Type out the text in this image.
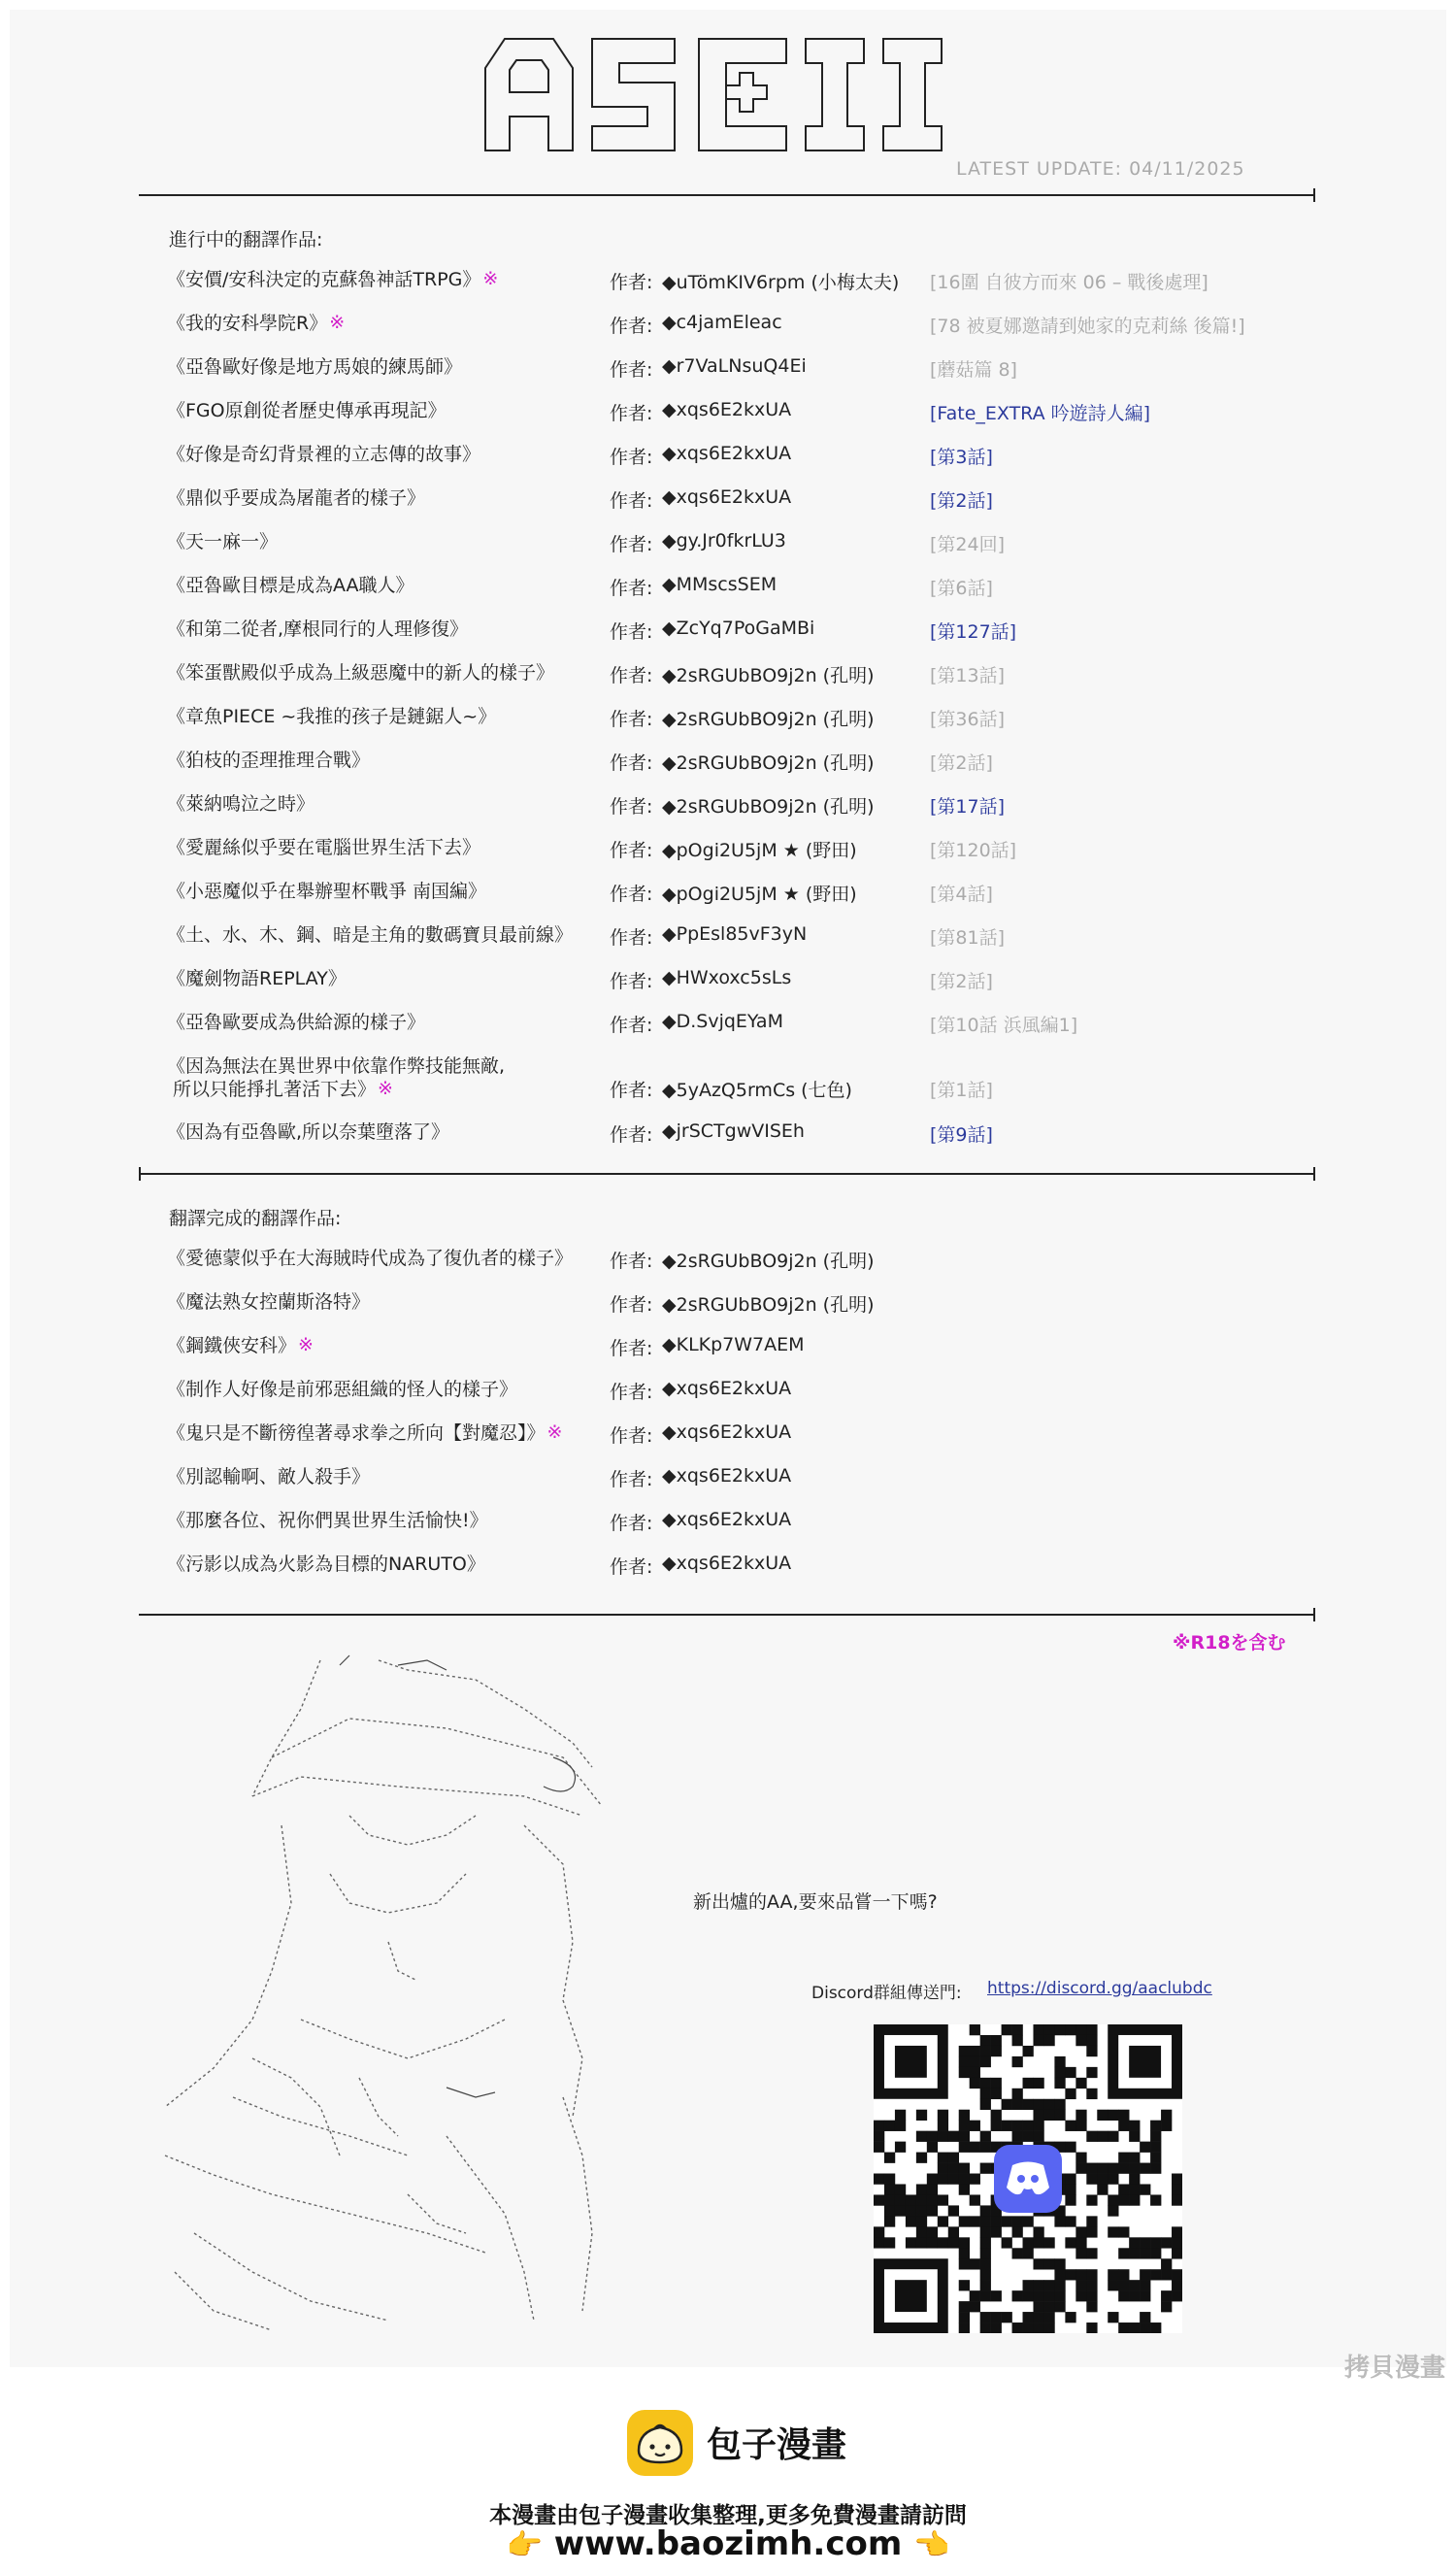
LATEST UPDATE: 04/11/2025
進行中的翻譯作品:
《安價/安科決定的克蘇魯神話TRPG》 ※	作者: ◆uTömKIV6rpm (小梅太夫) [16圍 自彼方而來 06 – 戰後處理]
《我的安科學院R》 ※	作者: ◆c4jamEleac	[78 被夏娜邀請到她家的克莉絲 後篇!]
《亞魯歐好像是地方馬娘的練馬師》	作者: ◆r7VaLNsuQ4Ei	[蘑菇篇 8]
《FGO原創從者歷史傳承再現記》	作者: ◆xqs6E2kxUA	[Fate_EXTRA 吟遊詩人編]
《好像是奇幻背景裡的立志傳的故事》	作者: ◆xqs6E2kxUA	[第3話]
《鼎似乎要成為屠龍者的樣子》	作者: ◆xqs6E2kxUA	[第2話]
《天一麻一》	作者: ◆gy.Jr0fkrLU3	[第24回]
《亞魯歐目標是成為AA職人》	作者: ◆MMscsSEM	[第6話]
《和第二從者,摩根同行的人理修復》	作者: ◆ZcYq7PoGaMBi	[第127話]
《笨蛋獸殿似乎成為上級惡魔中的新人的樣子》	作者: ◆2sRGUbBO9j2n (孔明)	[第13話]
《章魚PIECE ~我推的孩子是鏈鋸人~》	作者: ◆2sRGUbBO9j2n (孔明)	[第36話]
《狛枝的歪理推理合戰》	作者: ◆2sRGUbBO9j2n (孔明)	[第2話]
《萊納鳴泣之時》	作者: ◆2sRGUbBO9j2n (孔明)	[第17話]
《愛麗絲似乎要在電腦世界生活下去》	作者: ◆pOgi2U5jM ★ (野田)	[第120話]
《小惡魔似乎在舉辦聖杯戰爭 南国編》	作者: ◆pOgi2U5jM ★ (野田)	[第4話]
《土、水、木、鋼、暗是主角的數碼寶貝最前線》 作者: ◆PpEsl85vF3yN	[第81話]
《魔劍物語REPLAY》	作者: ◆HWxoxc5sLs	[第2話]
《亞魯歐要成為供給源的樣子》	作者: ◆D.SvjqEYaM	[第10話 浜風編1]
《因為無法在異世界中依靠作弊技能無敵,
所以只能掙扎著活下去》 ※	作者: ◆5yAzQ5rmCs (七色)	[第1話]
《因為有亞魯歐,所以奈葉墮落了》	作者: ◆jrSCTgwVISEh	[第9話]
翻譯完成的翻譯作品:
《愛德蒙似乎在大海賊時代成為了復仇者的樣子》 作者: ◆2sRGUbBO9j2n (孔明)
《魔法熟女控蘭斯洛特》	作者: ◆2sRGUbBO9j2n (孔明)
《鋼鐵俠安科》 ※	作者: ◆KLKp7W7AEM
《制作人好像是前邪惡組織的怪人的樣子》	作者: ◆xqs6E2kxUA
《鬼只是不斷徬徨著尋求拳之所向【對魔忍】》 ※	作者: ◆xqs6E2kxUA
《別認輸啊、敵人殺手》	作者: ◆xqs6E2kxUA
《那麼各位、祝你們異世界生活愉快!》	作者: ◆xqs6E2kxUA
《污影以成為火影為目標的NARUTO》	作者: ◆xqs6E2kxUA
※R18を含む
新出爐的AA,要來品嘗一下嗎?
Discord群組傳送門: https://discord.gg/aaclubdc
拷貝漫畫
包子漫畫
本漫畫由包子漫畫收集整理,更多免費漫畫請訪問
👉 www.baozimh.com 👈
